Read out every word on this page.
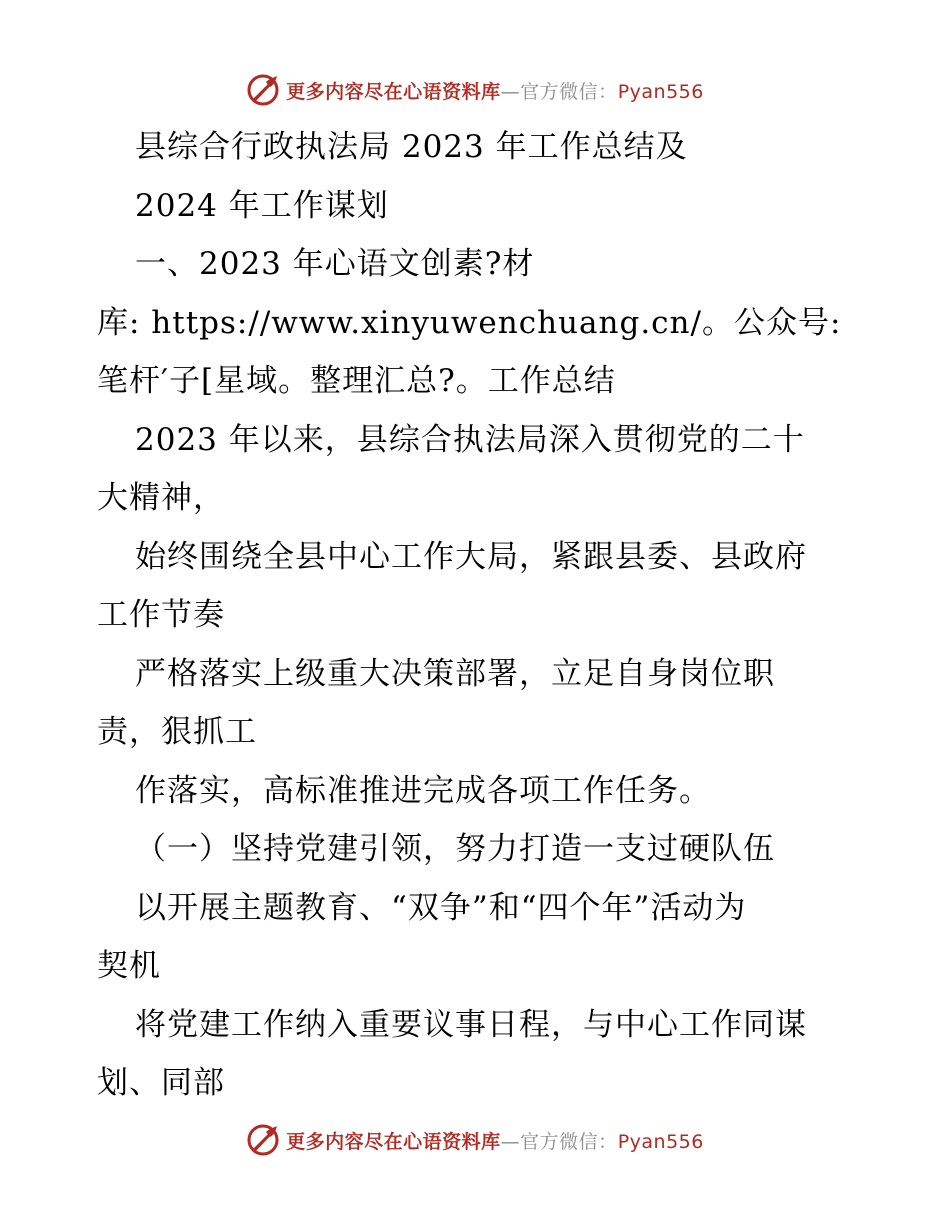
更多内容尽在心语资料库—官方微信：Pyan556
县综合行政执法局 2023 年工作总结及
2024 年工作谋划
一、2023 年心语文创素?材
库: https://www.xinyuwenchuang.cn/。公众号:
笔杆′子[星域。整理汇总?。工作总结
2023 年以来，县综合执法局深入贯彻党的二十
大精神，
始终围绕全县中心工作大局，紧跟县委、县政府
工作节奏
严格落实上级重大决策部署，立足自身岗位职
责，狠抓工
作落实，高标准推进完成各项工作任务。
（一）坚持党建引领，努力打造一支过硬队伍
以开展主题教育、“双争”和“四个年”活动为
契机
将党建工作纳入重要议事日程，与中心工作同谋
划、同部
更多内容尽在心语资料库—官方微信：Pyan556
